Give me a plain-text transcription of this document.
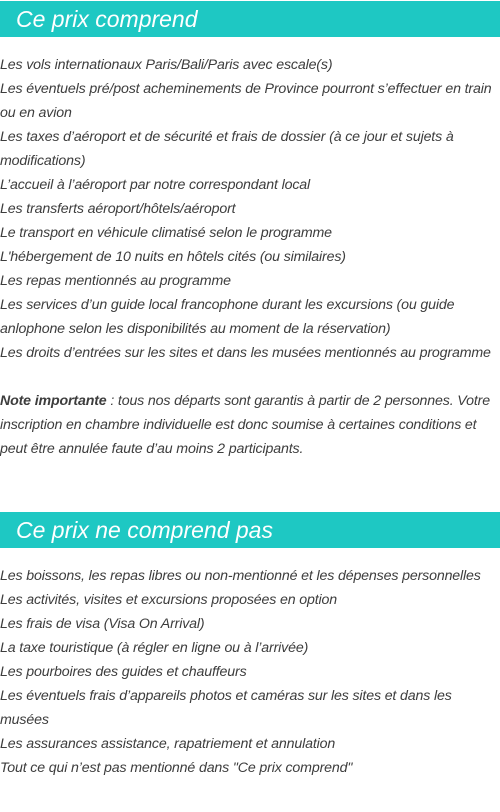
Ce prix comprend
Les vols internationaux Paris/Bali/Paris avec escale(s)
Les éventuels pré/post acheminements de Province pourront s’effectuer en train ou en avion
Les taxes d’aéroport et de sécurité et frais de dossier (à ce jour et sujets à modifications)
L’accueil à l’aéroport par notre correspondant local
Les transferts aéroport/hôtels/aéroport
Le transport en véhicule climatisé selon le programme
L'hébergement de 10 nuits en hôtels cités (ou similaires)
Les repas mentionnés au programme
Les services d’un guide local francophone durant les excursions (ou guide anlophone selon les disponibilités au moment de la réservation)
Les droits d’entrées sur les sites et dans les musées mentionnés au programme

Note importante : tous nos départs sont garantis à partir de 2 personnes. Votre inscription en chambre individuelle est donc soumise à certaines conditions et peut être annulée faute d’au moins 2 participants.

Ce prix ne comprend pas
Les boissons, les repas libres ou non-mentionné et les dépenses personnelles
Les activités, visites et excursions proposées en option
Les frais de visa (Visa On Arrival)
La taxe touristique (à régler en ligne ou à l’arrivée)
Les pourboires des guides et chauffeurs
Les éventuels frais d’appareils photos et caméras sur les sites et dans les musées
Les assurances assistance, rapatriement et annulation
Tout ce qui n’est pas mentionné dans "Ce prix comprend"
